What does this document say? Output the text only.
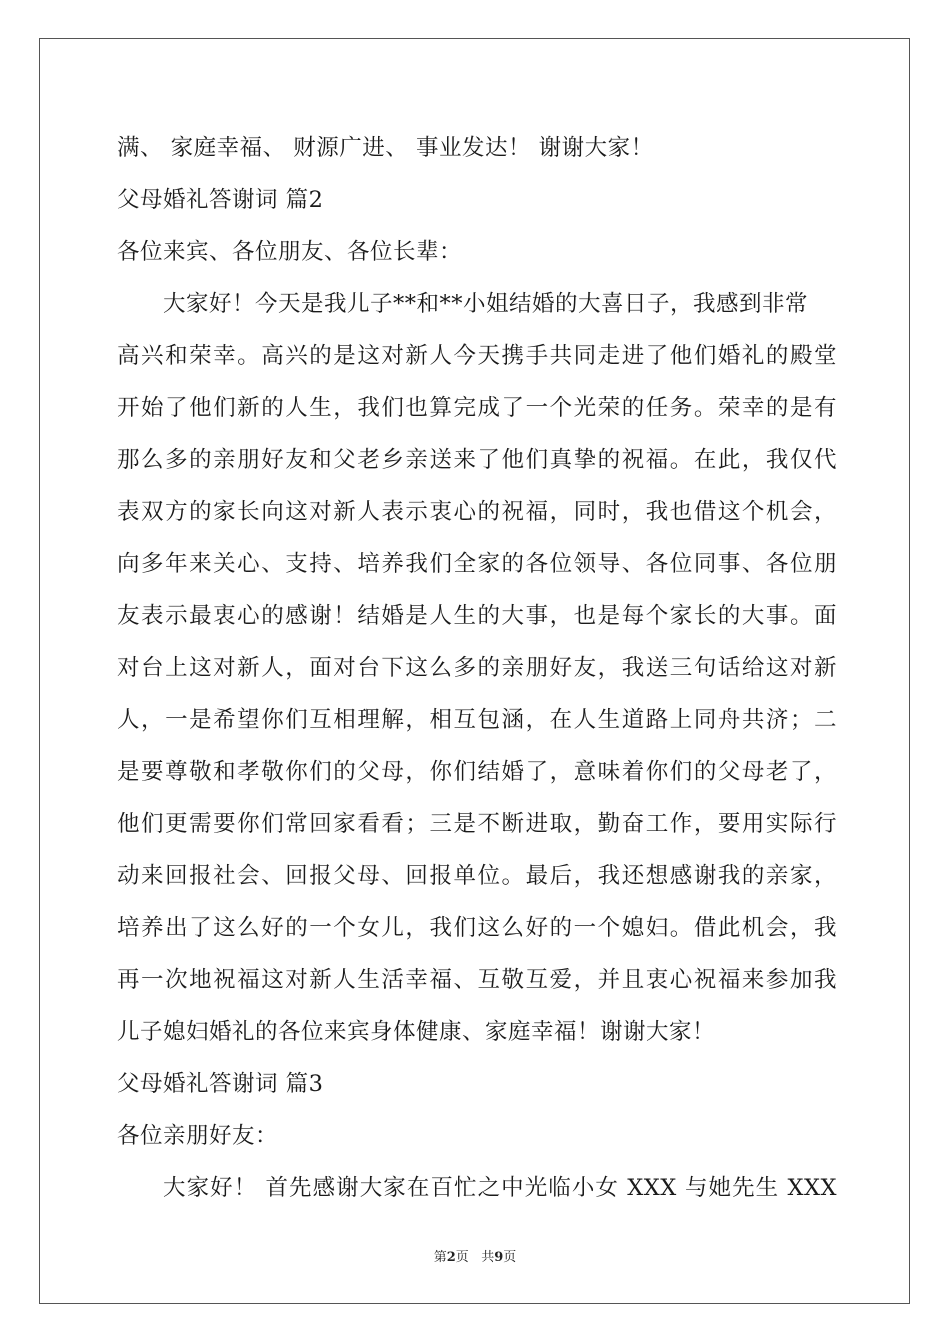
满、 家庭幸福、 财源广进、 事业发达！ 谢谢大家！
父母婚礼答谢词 篇2
各位来宾、各位朋友、各位长辈：
大家好！今天是我儿子**和**小姐结婚的大喜日子，我感到非常
高兴和荣幸。高兴的是这对新人今天携手共同走进了他们婚礼的殿堂
开始了他们新的人生，我们也算完成了一个光荣的任务。荣幸的是有
那么多的亲朋好友和父老乡亲送来了他们真挚的祝福。在此，我仅代
表双方的家长向这对新人表示衷心的祝福，同时，我也借这个机会，
向多年来关心、支持、培养我们全家的各位领导、各位同事、各位朋
友表示最衷心的感谢！结婚是人生的大事，也是每个家长的大事。面
对台上这对新人，面对台下这么多的亲朋好友，我送三句话给这对新
人，一是希望你们互相理解，相互包涵，在人生道路上同舟共济；二
是要尊敬和孝敬你们的父母，你们结婚了，意味着你们的父母老了，
他们更需要你们常回家看看；三是不断进取，勤奋工作，要用实际行
动来回报社会、回报父母、回报单位。最后，我还想感谢我的亲家，
培养出了这么好的一个女儿，我们这么好的一个媳妇。借此机会，我
再一次地祝福这对新人生活幸福、互敬互爱，并且衷心祝福来参加我
儿子媳妇婚礼的各位来宾身体健康、家庭幸福！谢谢大家！
父母婚礼答谢词 篇3
各位亲朋好友：
大家好！ 首先感谢大家在百忙之中光临小女 XXX 与她先生 XXX
第2页 共9页
